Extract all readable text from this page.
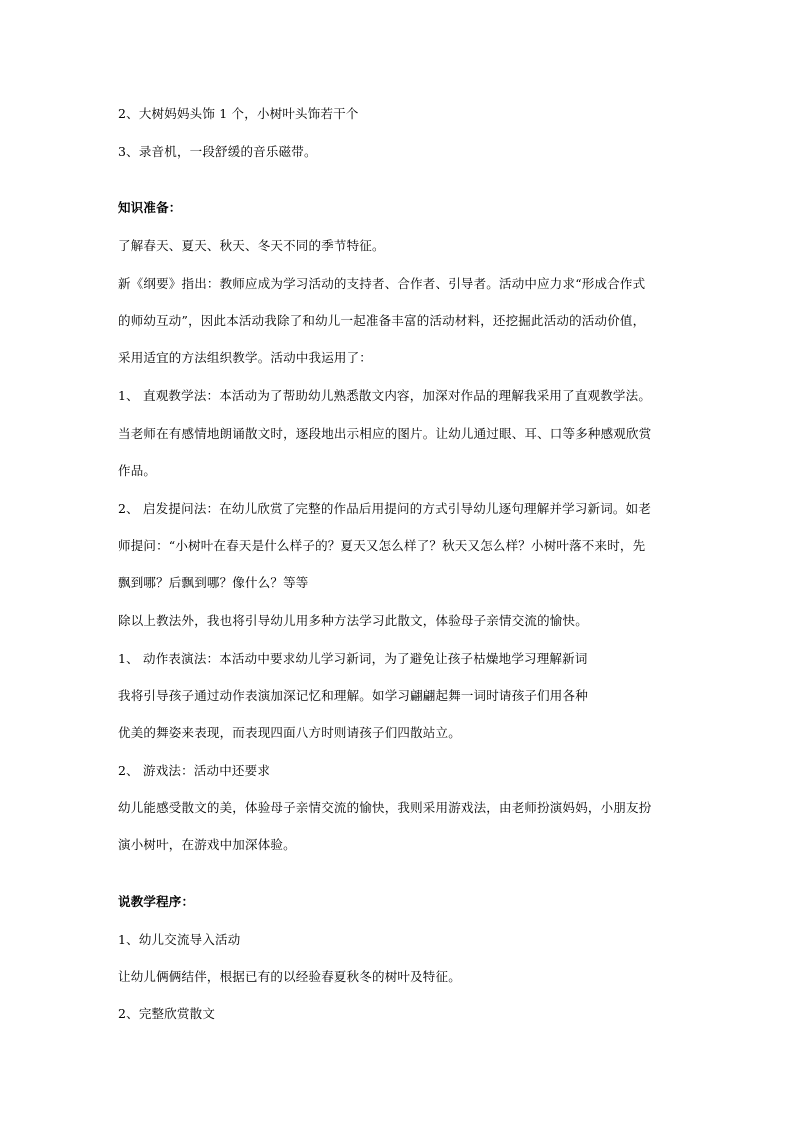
2、大树妈妈头饰 1 个，小树叶头饰若干个
3、录音机，一段舒缓的音乐磁带。
知识准备：
了解春天、夏天、秋天、冬天不同的季节特征。
新《纲要》指出：教师应成为学习活动的支持者、合作者、引导者。活动中应力求“形成合作式
的师幼互动”，因此本活动我除了和幼儿一起准备丰富的活动材料，还挖掘此活动的活动价值，
采用适宜的方法组织教学。活动中我运用了：
1、 直观教学法：本活动为了帮助幼儿熟悉散文内容，加深对作品的理解我采用了直观教学法。
当老师在有感情地朗诵散文时，逐段地出示相应的图片。让幼儿通过眼、耳、口等多种感观欣赏
作品。
2、 启发提问法：在幼儿欣赏了完整的作品后用提问的方式引导幼儿逐句理解并学习新词。如老
师提问：“小树叶在春天是什么样子的？夏天又怎么样了？秋天又怎么样？小树叶落不来时，先
飘到哪？后飘到哪？像什么？等等
除以上教法外，我也将引导幼儿用多种方法学习此散文，体验母子亲情交流的愉快。
1、 动作表演法：本活动中要求幼儿学习新词，为了避免让孩子枯燥地学习理解新词
我将引导孩子通过动作表演加深记忆和理解。如学习翩翩起舞一词时请孩子们用各种
优美的舞姿来表现，而表现四面八方时则请孩子们四散站立。
2、 游戏法：活动中还要求
幼儿能感受散文的美，体验母子亲情交流的愉快，我则采用游戏法，由老师扮演妈妈，小朋友扮
演小树叶，在游戏中加深体验。
说教学程序：
1、幼儿交流导入活动
让幼儿俩俩结伴，根据已有的以经验春夏秋冬的树叶及特征。
2、完整欣赏散文
